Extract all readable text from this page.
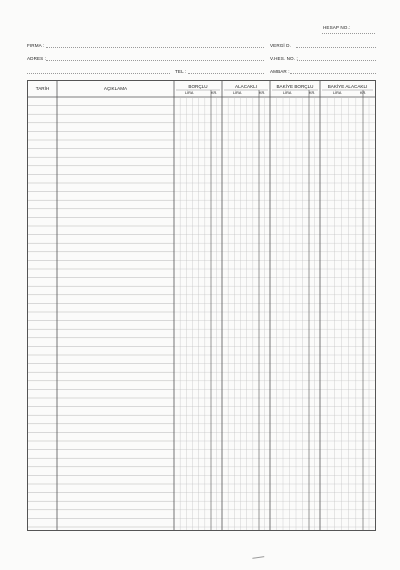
HESAP NO.:
FIRMA :	VERGİ D.
ADRES :	V.HES. NO. :
TEL :	AMBAR :
TARİH	AÇIKLAMA	BORÇLU
LİRA	KR.
ALACAKLI
LİRA	KR.
BAKİYE BORÇLU
LİRA	KR.
BAKİYE ALACAKLI
LİRA	KR.
